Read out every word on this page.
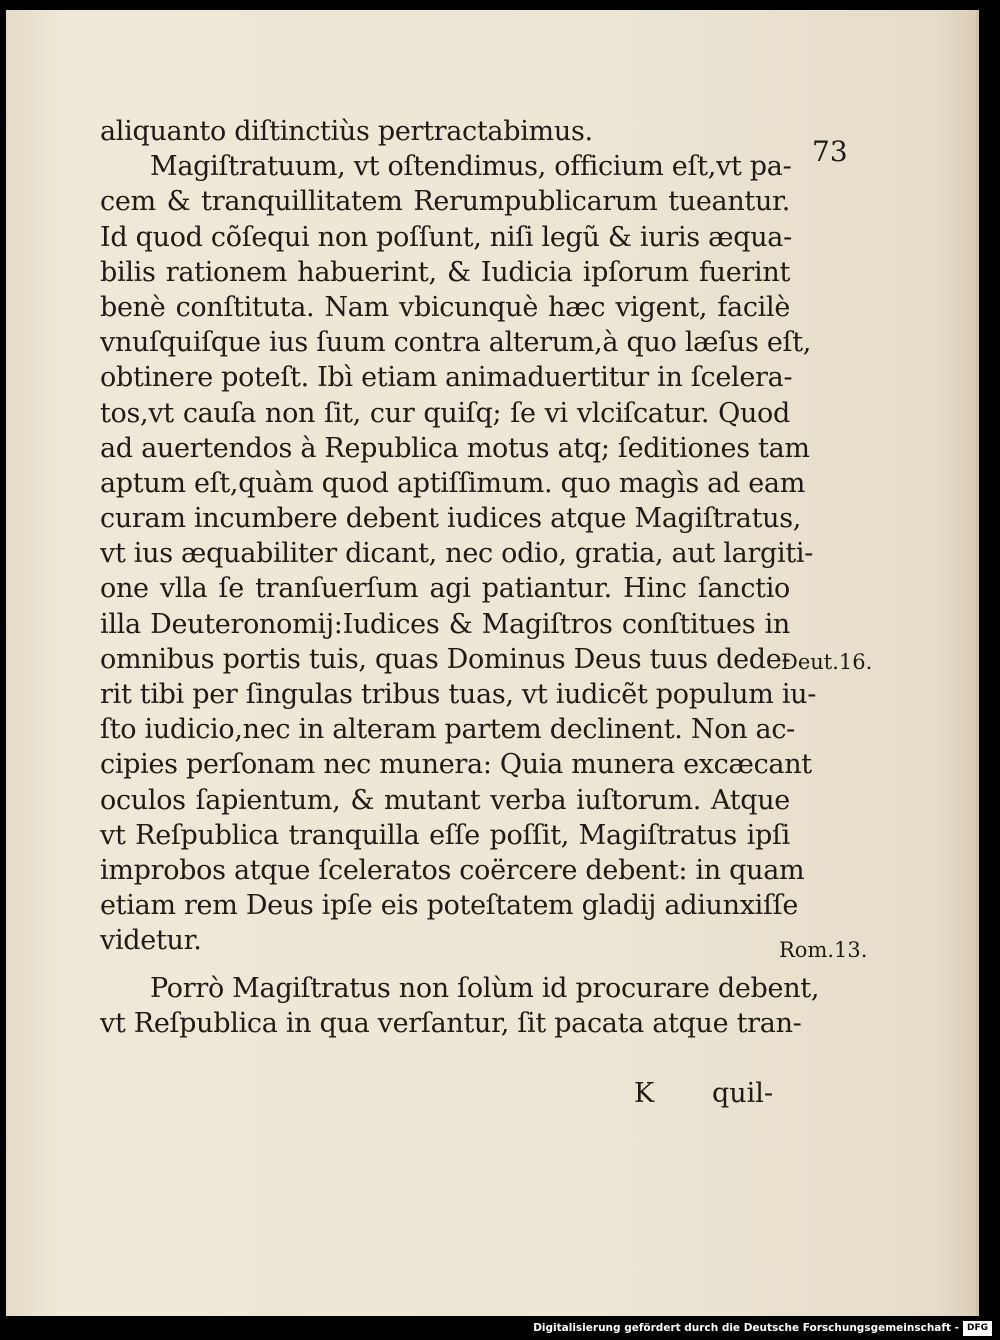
aliquanto diſtinctiùs pertractabimus.
Magiſtratuum, vt oſtendimus, officium eſt,vt pa-
cem & tranquillitatem Rerumpublicarum tueantur.
Id quod cõſequi non poſſunt, niſi legũ & iuris æqua-
bilis rationem habuerint, & Iudicia ipſorum fuerint
benè conſtituta. Nam vbicunquè hæc vigent, facilè
vnuſquiſque ius ſuum contra alterum,à quo læſus eſt,
obtinere poteſt. Ibì etiam animaduertitur in ſcelera-
tos,vt cauſa non ſit, cur quiſq; ſe vi vlciſcatur. Quod
ad auertendos à Republica motus atq; ſeditiones tam
aptum eſt,quàm quod aptiſſimum. quo magìs ad eam
curam incumbere debent iudices atque Magiſtratus,
vt ius æquabiliter dicant, nec odio, gratia, aut largiti-
one vlla ſe tranſuerſum agi patiantur. Hinc ſanctio
illa Deuteronomij:Iudices & Magiſtros conſtitues in
omnibus portis tuis, quas Dominus Deus tuus dede-
rit tibi per ſingulas tribus tuas, vt iudicẽt populum iu-
ſto iudicio,nec in alteram partem declinent. Non ac-
cipies perſonam nec munera: Quia munera excæcant
oculos ſapientum, & mutant verba iuſtorum. Atque
vt Reſpublica tranquilla eſſe poſſit, Magiſtratus ipſi
improbos atque ſceleratos coërcere debent: in quam
etiam rem Deus ipſe eis poteſtatem gladij adiunxiſſe
videtur.
Porrò Magiſtratus non ſolùm id procurare debent,
vt Reſpublica in qua verſantur, ſit pacata atque tran-
73
Deut.16.
Rom.13.
K quil-
Digitalisierung gefördert durch die Deutsche Forschungsgemeinschaft - DFG
